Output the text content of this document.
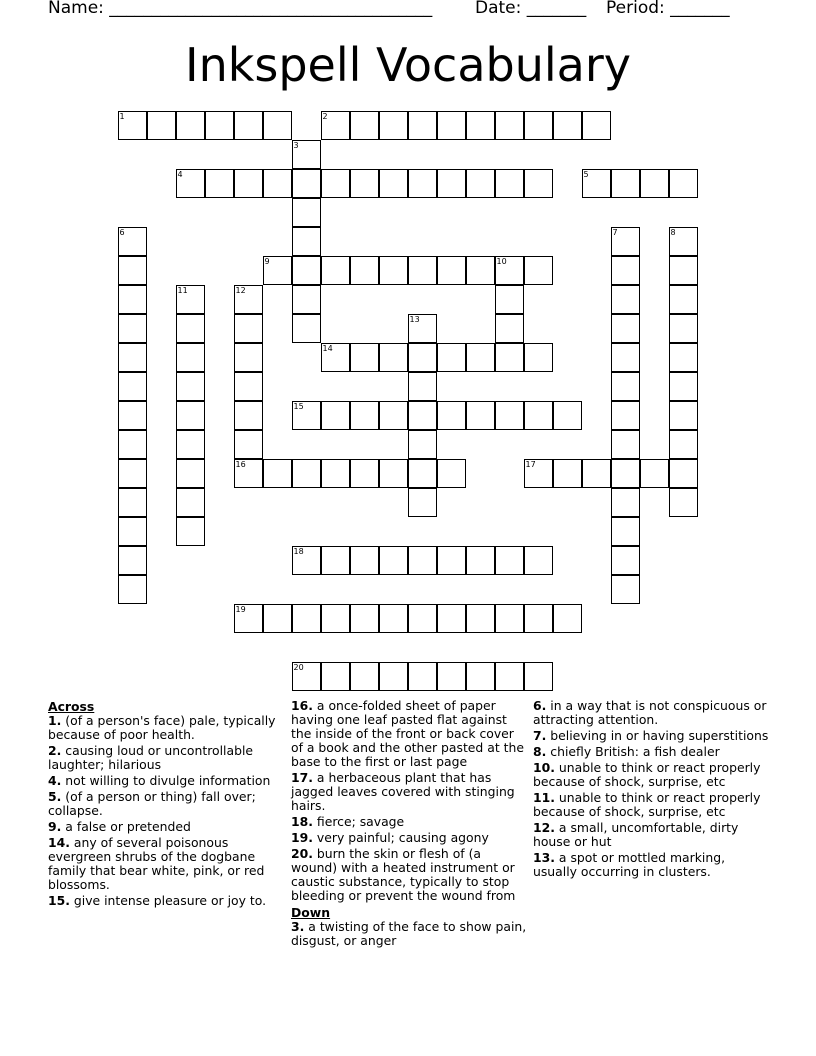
Name: ______________________________________	Date: _______ Period: _______
Inkspell Vocabulary
1	2
4	5
9	10
14
15
16	17
18
19
20
3
6	7	8
11	12
13
Across

1. (of a person's face) pale, typically because of poor health.

2. causing loud or uncontrollable laughter; hilarious

4. not willing to divulge information

5. (of a person or thing) fall over; collapse.

9. a false or pretended

14. any of several poisonous evergreen shrubs of the dogbane family that bear white, pink, or red blossoms.

15. give intense pleasure or joy to.

16. a once-folded sheet of paper having one leaf pasted flat against the inside of the front or back cover of a book and the other pasted at the base to the first or last page

17. a herbaceous plant that has jagged leaves covered with stinging hairs.

18. fierce; savage

19. very painful; causing agony

20. burn the skin or flesh of (a wound) with a heated instrument or caustic substance, typically to stop bleeding or prevent the wound from

Down

3. a twisting of the face to show pain, disgust, or anger

6. in a way that is not conspicuous or attracting attention.

7. believing in or having superstitions

8. chiefly British: a fish dealer

10. unable to think or react properly because of shock, surprise, etc

11. unable to think or react properly because of shock, surprise, etc

12. a small, uncomfortable, dirty house or hut

13. a spot or mottled marking, usually occurring in clusters.
